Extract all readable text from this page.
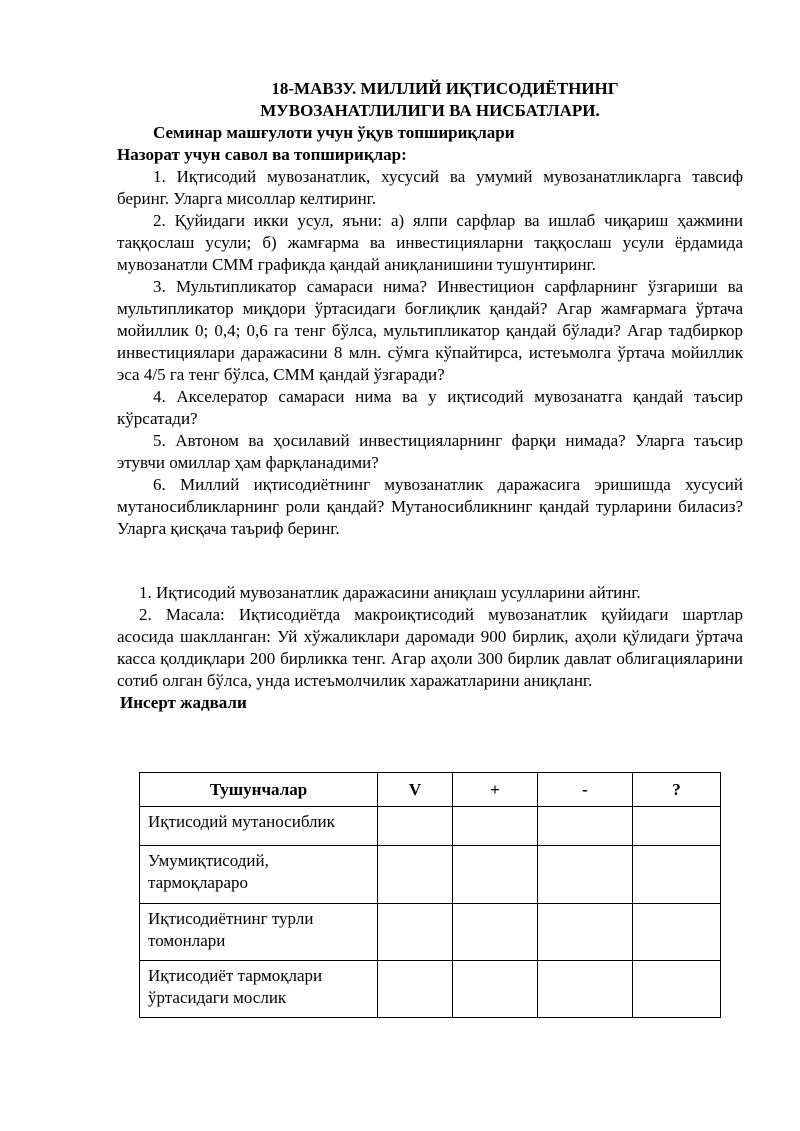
18-МАВЗУ. МИЛЛИЙ ИҚТИСОДИЁТНИНГ
МУВОЗАНАТЛИЛИГИ ВА НИСБАТЛАРИ.

Семинар машғулоти учун ўқув топшириқлари

Назорат учун савол ва топшириқлар:

1. Иқтисодий мувозанатлик, хусусий ва умумий мувозанатликларга тавсиф беринг. Уларга мисоллар келтиринг.

2. Қуйидаги икки усул, яъни: а) ялпи сарфлар ва ишлаб чиқариш ҳажмини таққослаш усули; б) жамғарма ва инвестицияларни таққослаш усули ёрдамида мувозанатли СММ графикда қандай аниқланишини тушунтиринг.

3. Мультипликатор самараси нима? Инвестицион сарфларнинг ўзгариши ва мультипликатор миқдори ўртасидаги боғлиқлик қандай? Агар жамғармага ўртача мойиллик 0; 0,4; 0,6 га тенг бўлса, мультипликатор қандай бўлади? Агар тадбиркор инвестициялари даражасини 8 млн. сўмга кўпайтирса, истеъмолга ўртача мойиллик эса 4/5 га тенг бўлса, СММ қандай ўзгаради?

4. Акселератор самараси нима ва у иқтисодий мувозанатга қандай таъсир кўрсатади?

5. Автоном ва ҳосилавий инвестицияларнинг фарқи нимада? Уларга таъсир этувчи омиллар ҳам фарқланадими?

6. Миллий иқтисодиётнинг мувозанатлик даражасига эришишда хусусий мутаносибликларнинг роли қандай? Мутаносибликнинг қандай турларини биласиз? Уларга қисқача таъриф беринг.

1. Иқтисодий мувозанатлик даражасини аниқлаш усулларини айтинг.

2. Масала: Иқтисодиётда макроиқтисодий мувозанатлик қуйидаги шартлар асосида шаклланган: Уй хўжаликлари даромади 900 бирлик, аҳоли қўлидаги ўртача касса қолдиқлари 200 бирликка тенг. Агар аҳоли 300 бирлик давлат облигацияларини сотиб олган бўлса, унда истеъмолчилик харажатларини аниқланг.

Инсерт жадвали

Тушунчалар	V	+	-	?
Иқтисодий мутаносиблик				
Умумиқтисодий, тармоқлараро				
Иқтисодиётнинг турли томонлари				
Иқтисодиёт тармоқлари ўртасидаги мослик				
